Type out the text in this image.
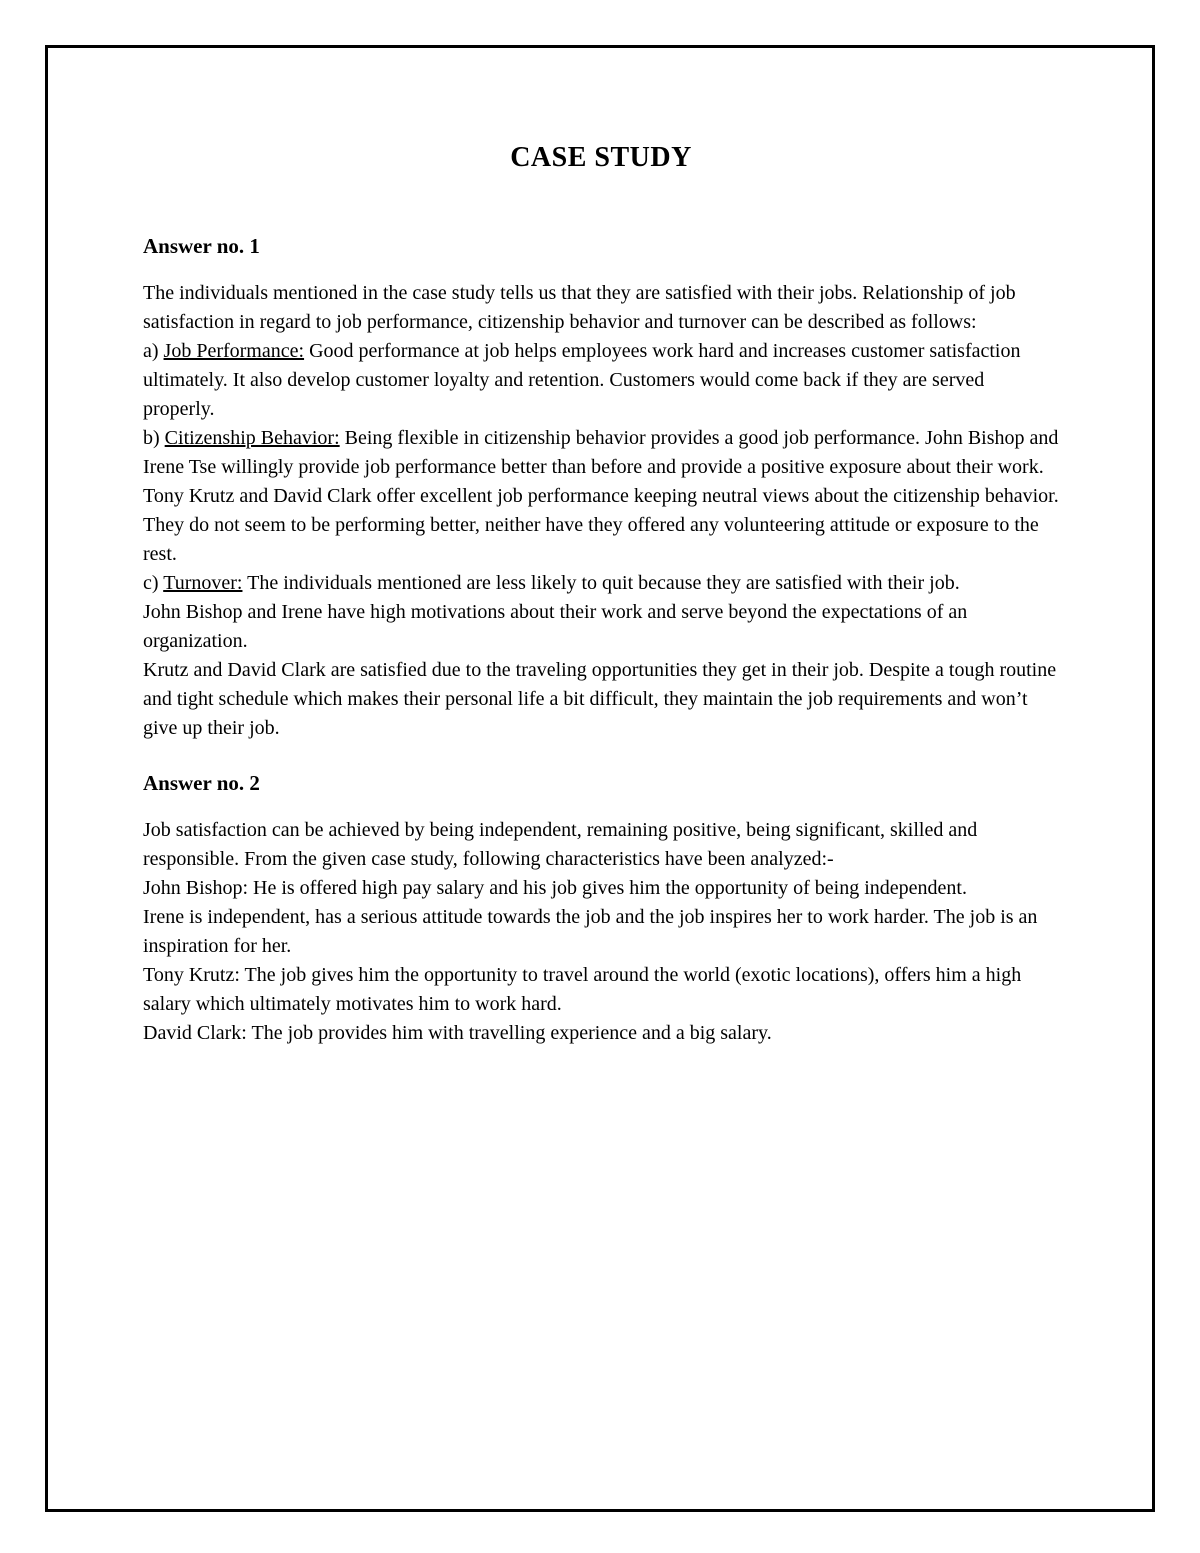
CASE STUDY
Answer no. 1

The individuals mentioned in the case study tells us that they are satisfied with their jobs. Relationship of job satisfaction in regard to job performance, citizenship behavior and turnover can be described as follows:

a) Job Performance: Good performance at job helps employees work hard and increases customer satisfaction ultimately. It also develop customer loyalty and retention. Customers would come back if they are served properly.

b) Citizenship Behavior: Being flexible in citizenship behavior provides a good job performance. John Bishop and Irene Tse willingly provide job performance better than before and provide a positive exposure about their work.

Tony Krutz and David Clark offer excellent job performance keeping neutral views about the citizenship behavior. They do not seem to be performing better, neither have they offered any volunteering attitude or exposure to the rest.

c) Turnover: The individuals mentioned are less likely to quit because they are satisfied with their job.

John Bishop and Irene have high motivations about their work and serve beyond the expectations of an organization.

Krutz and David Clark are satisfied due to the traveling opportunities they get in their job. Despite a tough routine and tight schedule which makes their personal life a bit difficult, they maintain the job requirements and won’t give up their job.

Answer no. 2

Job satisfaction can be achieved by being independent, remaining positive, being significant, skilled and responsible. From the given case study, following characteristics have been analyzed:-

John Bishop: He is offered high pay salary and his job gives him the opportunity of being independent.

Irene is independent, has a serious attitude towards the job and the job inspires her to work harder. The job is an inspiration for her.

Tony Krutz: The job gives him the opportunity to travel around the world (exotic locations), offers him a high salary which ultimately motivates him to work hard.

David Clark: The job provides him with travelling experience and a big salary.
